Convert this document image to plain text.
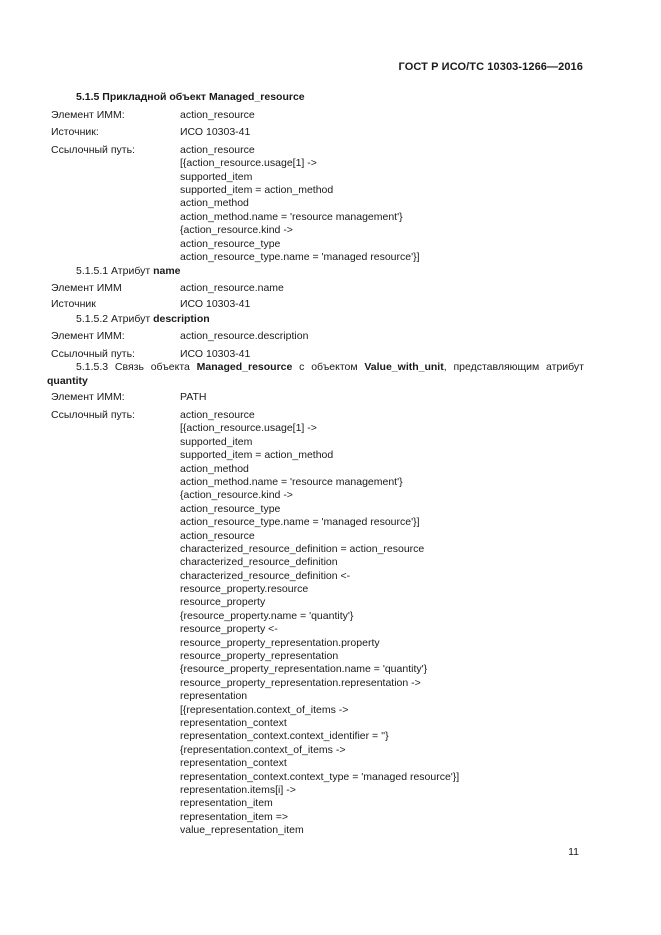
ГОСТ Р ИСО/ТС 10303-1266—2016
5.1.5 Прикладной объект Managed_resource
Элемент ИММ:	action_resource
Источник:	ИСО 10303-41
Ссылочный путь:	action_resource
[{action_resource.usage[1] ->
supported_item
supported_item = action_method
action_method
action_method.name = 'resource management'}
{action_resource.kind ->
action_resource_type
action_resource_type.name = 'managed resource'}]
5.1.5.1 Атрибут name
Элемент ИММ	action_resource.name
Источник	ИСО 10303-41
5.1.5.2 Атрибут description
Элемент ИММ:	action_resource.description
Ссылочный путь:	ИСО 10303-41
5.1.5.3 Связь объекта Managed_resource с объектом Value_with_unit, представляющим атрибут
quantity
Элемент ИММ:	PATH
Ссылочный путь:	action_resource
[{action_resource.usage[1] ->
supported_item
supported_item = action_method
action_method
action_method.name = 'resource management'}
{action_resource.kind ->
action_resource_type
action_resource_type.name = 'managed resource'}]
action_resource
characterized_resource_definition = action_resource
characterized_resource_definition
characterized_resource_definition <-
resource_property.resource
resource_property
{resource_property.name = 'quantity'}
resource_property <-
resource_property_representation.property
resource_property_representation
{resource_property_representation.name = 'quantity'}
resource_property_representation.representation ->
representation
[{representation.context_of_items ->
representation_context
representation_context.context_identifier = ''}
{representation.context_of_items ->
representation_context
representation_context.context_type = 'managed resource'}]
representation.items[i] ->
representation_item
representation_item =>
value_representation_item
11
